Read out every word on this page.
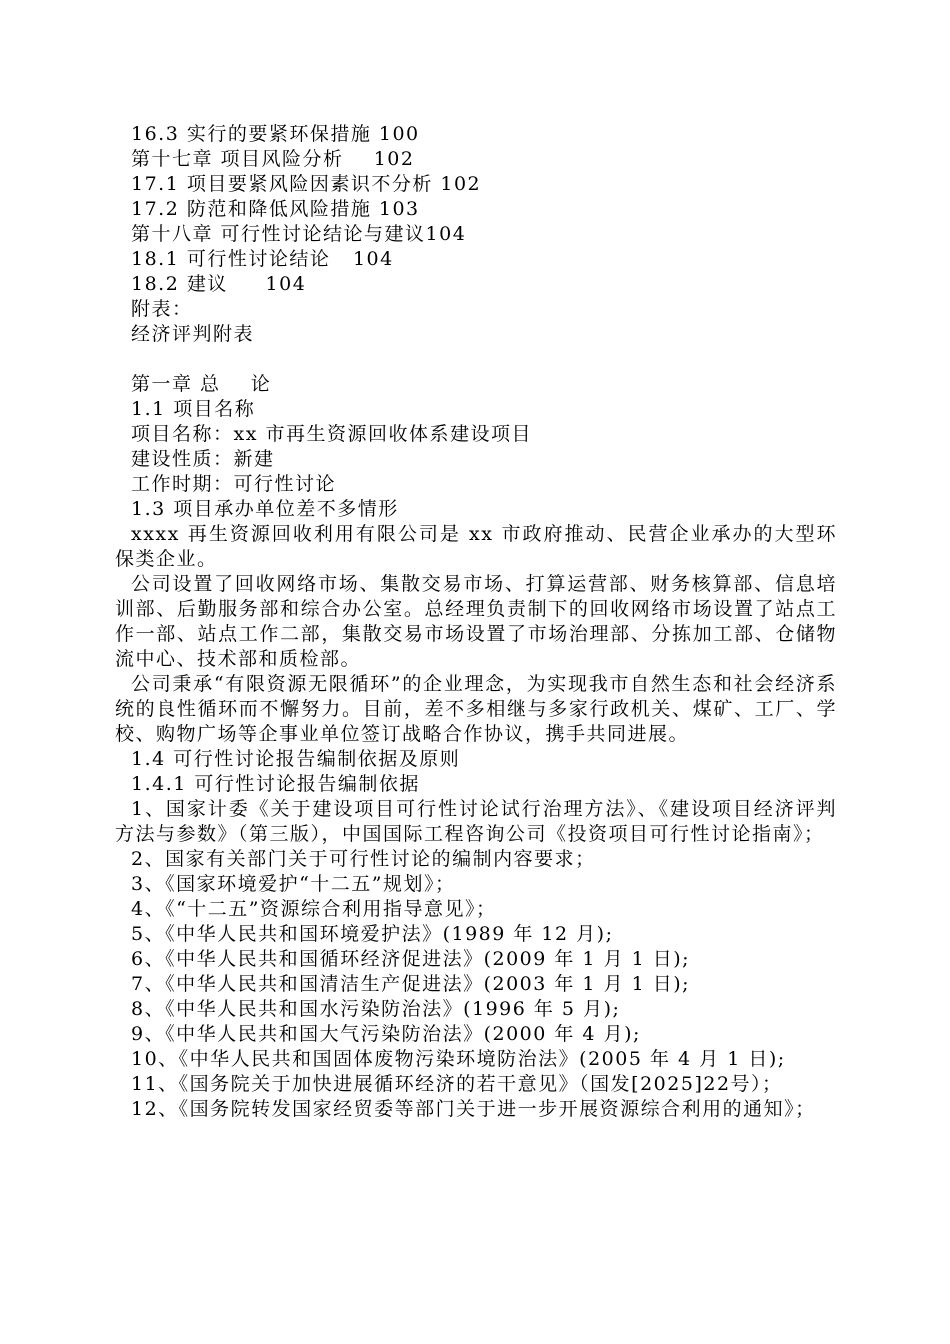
16.3 实行的要紧环保措施 100
第十七章 项目风险分析    102
17.1 项目要紧风险因素识不分析 102
17.2 防范和降低风险措施 103
第十八章 可行性讨论结论与建议104
18.1 可行性讨论结论   104
18.2 建议     104
附表：
经济评判附表
第一章 总    论
1.1 项目名称
项目名称：xx 市再生资源回收体系建设项目
建设性质：新建
工作时期：可行性讨论
1.3 项目承办单位差不多情形
xxxx 再生资源回收利用有限公司是 xx 市政府推动、民营企业承办的大型环保类企业。
公司设置了回收网络市场、集散交易市场、打算运营部、财务核算部、信息培训部、后勤服务部和综合办公室。总经理负责制下的回收网络市场设置了站点工作一部、站点工作二部，集散交易市场设置了市场治理部、分拣加工部、仓储物流中心、技术部和质检部。
公司秉承“有限资源无限循环”的企业理念，为实现我市自然生态和社会经济系统的良性循环而不懈努力。目前，差不多相继与多家行政机关、煤矿、工厂、学校、购物广场等企事业单位签订战略合作协议，携手共同进展。
1.4 可行性讨论报告编制依据及原则
1.4.1 可行性讨论报告编制依据
1、国家计委《关于建设项目可行性讨论试行治理方法》、《建设项目经济评判方法与参数》（第三版），中国国际工程咨询公司《投资项目可行性讨论指南》；
2、国家有关部门关于可行性讨论的编制内容要求；
3、《国家环境爱护“十二五”规划》；
4、《“十二五”资源综合利用指导意见》；
5、《中华人民共和国环境爱护法》(1989 年 12 月);
6、《中华人民共和国循环经济促进法》(2009 年 1 月 1 日);
7、《中华人民共和国清洁生产促进法》(2003 年 1 月 1 日);
8、《中华人民共和国水污染防治法》(1996 年 5 月);
9、《中华人民共和国大气污染防治法》(2000 年 4 月);
10、《中华人民共和国固体废物污染环境防治法》(2005 年 4 月 1 日);
11、《国务院关于加快进展循环经济的若干意见》（国发[2025]22号）；
12、《国务院转发国家经贸委等部门关于进一步开展资源综合利用的通知》；
